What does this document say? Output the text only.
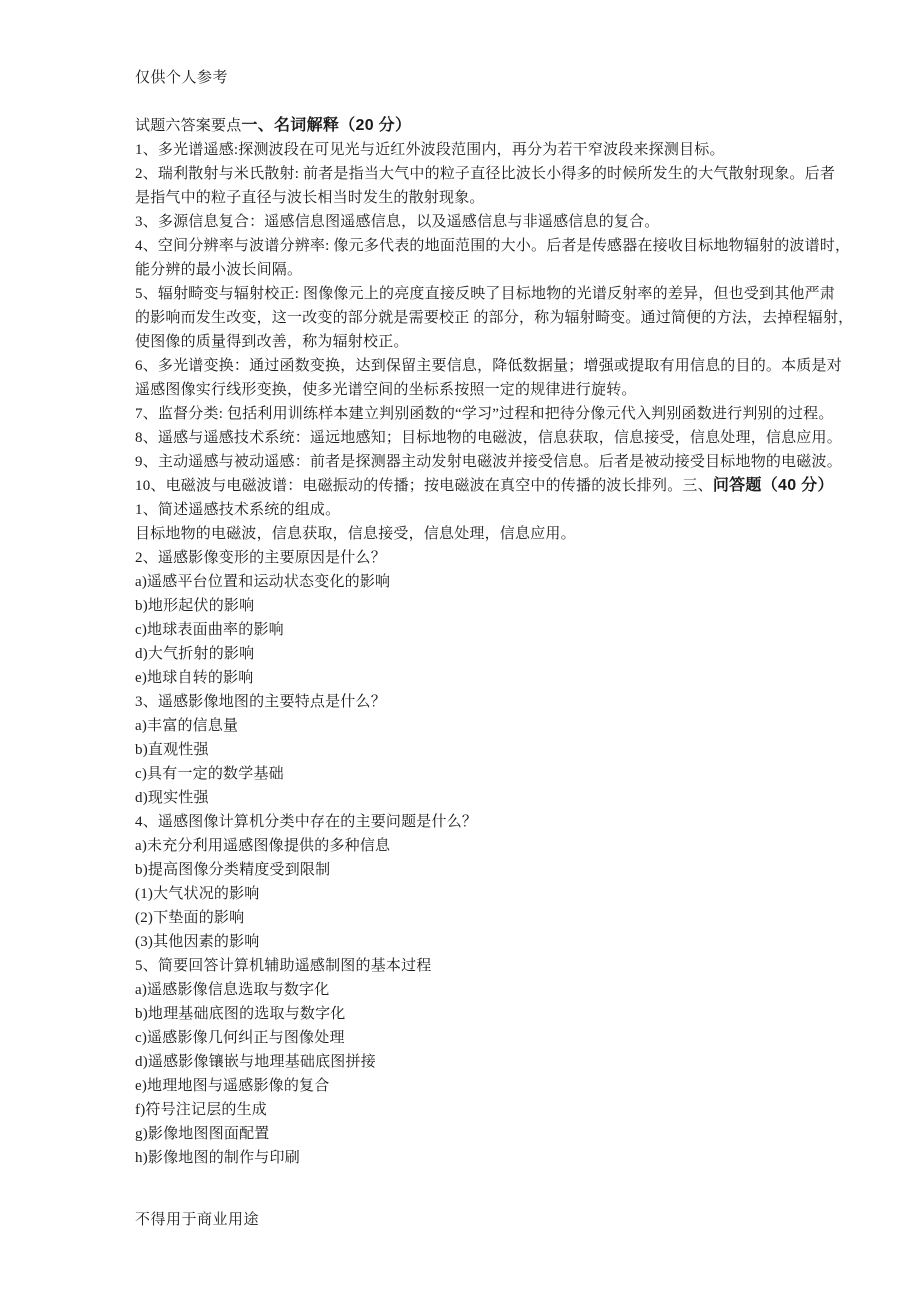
仅供个人参考
试题六答案要点一、名词解释（20 分）
1、多光谱遥感:探测波段在可见光与近红外波段范围内，再分为若干窄波段来探测目标。
2、瑞利散射与米氏散射: 前者是指当大气中的粒子直径比波长小得多的时候所发生的大气散射现象。后者
是指气中的粒子直径与波长相当时发生的散射现象。
3、多源信息复合：遥感信息图遥感信息，以及遥感信息与非遥感信息的复合。
4、空间分辨率与波谱分辨率: 像元多代表的地面范围的大小。后者是传感器在接收目标地物辐射的波谱时，
能分辨的最小波长间隔。
5、辐射畸变与辐射校正: 图像像元上的亮度直接反映了目标地物的光谱反射率的差异，但也受到其他严肃
的影响而发生改变，这一改变的部分就是需要校正 的部分，称为辐射畸变。通过简便的方法，去掉程辐射，
使图像的质量得到改善，称为辐射校正。
6、多光谱变换：通过函数变换，达到保留主要信息，降低数据量；增强或提取有用信息的目的。本质是对
遥感图像实行线形变换，使多光谱空间的坐标系按照一定的规律进行旋转。
7、监督分类: 包括利用训练样本建立判别函数的“学习”过程和把待分像元代入判别函数进行判别的过程。
8、遥感与遥感技术系统：遥远地感知；目标地物的电磁波，信息获取，信息接受，信息处理，信息应用。
9、主动遥感与被动遥感：前者是探测器主动发射电磁波并接受信息。后者是被动接受目标地物的电磁波。
10、电磁波与电磁波谱：电磁振动的传播；按电磁波在真空中的传播的波长排列。三、问答题（40 分）
1、简述遥感技术系统的组成。
目标地物的电磁波，信息获取，信息接受，信息处理，信息应用。
2、遥感影像变形的主要原因是什么？
a)遥感平台位置和运动状态变化的影响
b)地形起伏的影响
c)地球表面曲率的影响
d)大气折射的影响
e)地球自转的影响
3、遥感影像地图的主要特点是什么？
a)丰富的信息量
b)直观性强
c)具有一定的数学基础
d)现实性强
4、遥感图像计算机分类中存在的主要问题是什么？
a)未充分利用遥感图像提供的多种信息
b)提高图像分类精度受到限制
(1)大气状况的影响
(2)下垫面的影响
(3)其他因素的影响
5、简要回答计算机辅助遥感制图的基本过程
a)遥感影像信息选取与数字化
b)地理基础底图的选取与数字化
c)遥感影像几何纠正与图像处理
d)遥感影像镶嵌与地理基础底图拼接
e)地理地图与遥感影像的复合
f)符号注记层的生成
g)影像地图图面配置
h)影像地图的制作与印刷
不得用于商业用途
